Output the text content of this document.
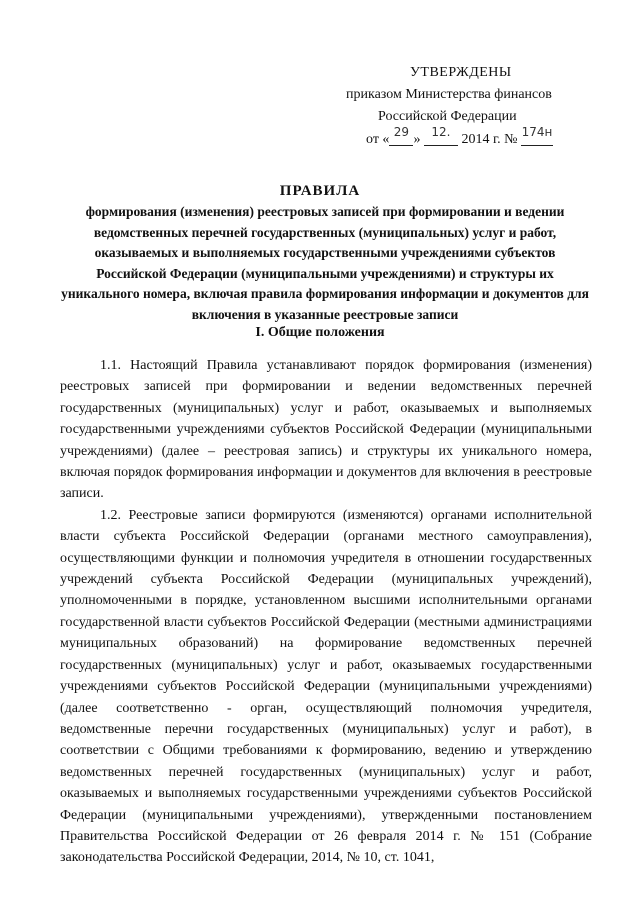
УТВЕРЖДЕНЫ
приказом Министерства финансов
Российской Федерации
от « 29 » 12. 2014 г. № 174н
ПРАВИЛА
формирования (изменения) реестровых записей при формировании и ведении ведомственных перечней государственных (муниципальных) услуг и работ, оказываемых и выполняемых государственными учреждениями субъектов Российской Федерации (муниципальными учреждениями) и структуры их уникального номера, включая правила формирования информации и документов для включения в указанные реестровые записи
I. Общие положения

1.1. Настоящий Правила устанавливают порядок формирования (изменения) реестровых записей при формировании и ведении ведомственных перечней государственных (муниципальных) услуг и работ, оказываемых и выполняемых государственными учреждениями субъектов Российской Федерации (муниципальными учреждениями) (далее – реестровая запись) и структуры их уникального номера, включая порядок формирования информации и документов для включения в реестровые записи.

1.2. Реестровые записи формируются (изменяются) органами исполнительной власти субъекта Российской Федерации (органами местного самоуправления), осуществляющими функции и полномочия учредителя в отношении государственных учреждений субъекта Российской Федерации (муниципальных учреждений), уполномоченными в порядке, установленном высшими исполнительными органами государственной власти субъектов Российской Федерации (местными администрациями муниципальных образований) на формирование ведомственных перечней государственных (муниципальных) услуг и работ, оказываемых государственными учреждениями субъектов Российской Федерации (муниципальными учреждениями) (далее соответственно - орган, осуществляющий полномочия учредителя, ведомственные перечни государственных (муниципальных) услуг и работ), в соответствии с Общими требованиями к формированию, ведению и утверждению ведомственных перечней государственных (муниципальных) услуг и работ, оказываемых и выполняемых государственными учреждениями субъектов Российской Федерации (муниципальными учреждениями), утвержденными постановлением Правительства Российской Федерации от 26 февраля 2014 г. № 151 (Собрание законодательства Российской Федерации, 2014, № 10, ст. 1041,
